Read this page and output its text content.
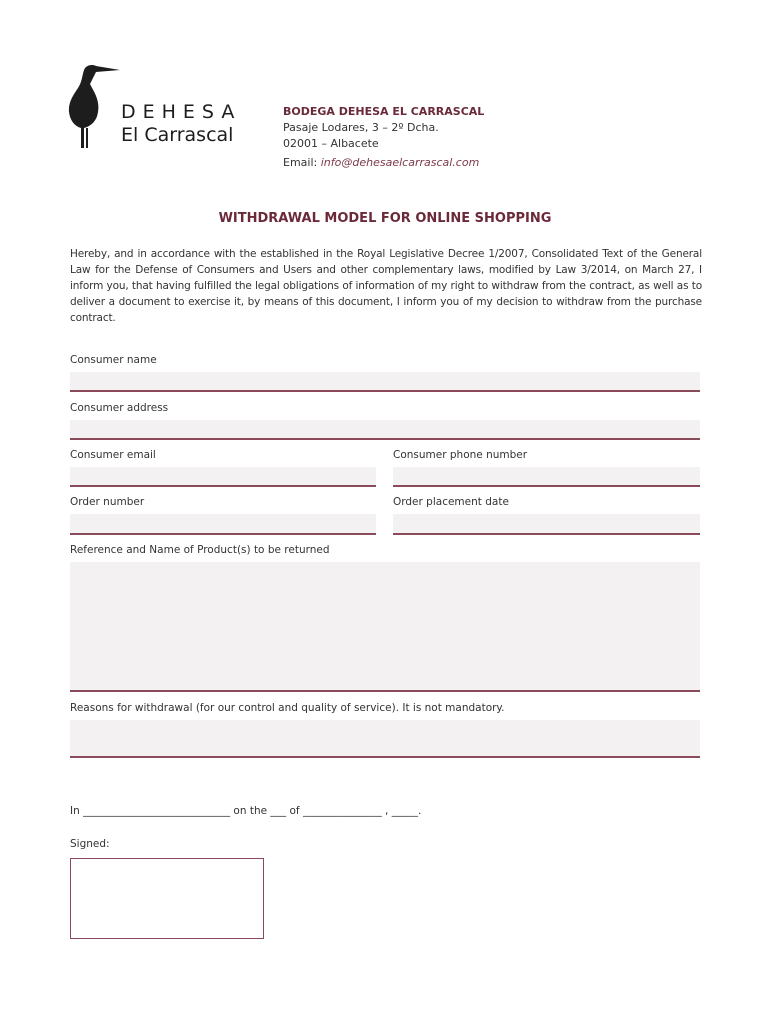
DEHESA
El Carrascal
BODEGA DEHESA EL CARRASCAL
Pasaje Lodares, 3 – 2º Dcha.
02001 – Albacete
Email: info@dehesaelcarrascal.com
WITHDRAWAL MODEL FOR ONLINE SHOPPING
Hereby, and in accordance with the established in the Royal Legislative Decree 1/2007, Consolidated Text of the General Law for the Defense of Consumers and Users and other complementary laws, modified by Law 3/2014, on March 27, I inform you, that having fulfilled the legal obligations of information of my right to withdraw from the contract, as well as to deliver a document to exercise it, by means of this document, I inform you of my decision to withdraw from the purchase contract.
Consumer name
Consumer address
Consumer email	Consumer phone number
Order number	Order placement date
Reference and Name of Product(s) to be returned
Reasons for withdrawal (for our control and quality of service). It is not mandatory.
In ____________________________ on the ___ of _______________ , _____.
Signed:
